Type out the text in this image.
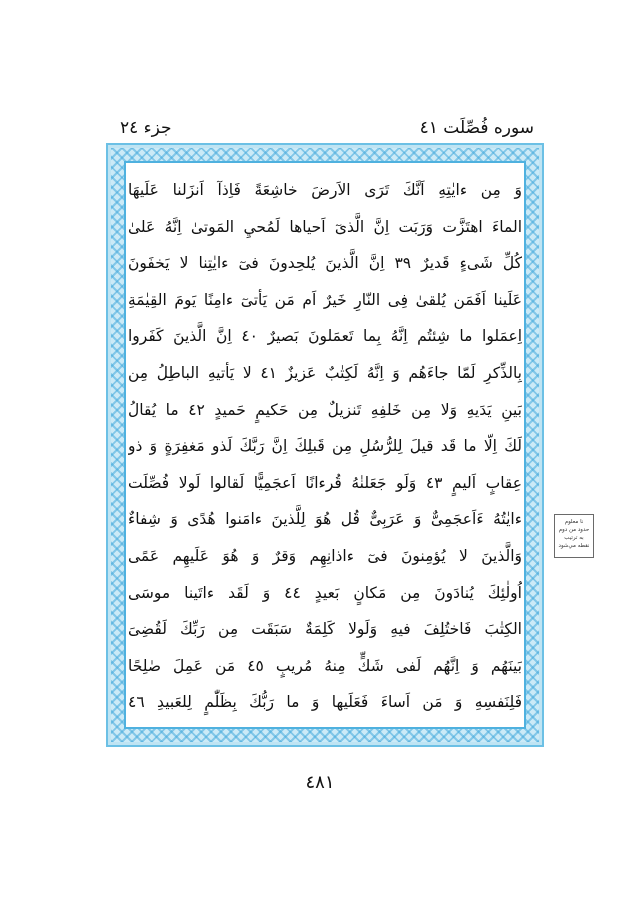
سوره فُصِّلَت ٤١
جزء ٢٤
وَ مِن ءايٰتِهِ اَنَّكَ تَرَى الاَرضَ خاشِعَةً فَاِذآ اَنزَلنا عَلَيهَا
الماءَ اهتَزَّت وَرَبَت اِنَّ الَّذىٓ اَحياها لَمُحيِ المَوتىٰ اِنَّهُ عَلىٰ
كُلِّ شَىءٍ قَديرٌ ٣٩ اِنَّ الَّذينَ يُلحِدونَ فىٓ ءايٰتِنا لا يَخفَونَ
عَلَينا اَفَمَن يُلقىٰ فِى النّارِ خَيرٌ اَم مَن يَأتىٓ ءامِنًا يَومَ القِيٰمَةِ
اِعمَلوا ما شِئتُم اِنَّهُ بِما تَعمَلونَ بَصيرٌ ٤٠ اِنَّ الَّذينَ كَفَروا
بِالذِّكرِ لَمّا جاءَهُم وَ اِنَّهُ لَكِتٰبٌ عَزيزٌ ٤١ لا يَأتيهِ الباطِلُ مِن
بَينِ يَدَيهِ وَلا مِن خَلفِهِ تَنزيلٌ مِن حَكيمٍ حَميدٍ ٤٢ ما يُقالُ
لَكَ اِلّا ما قَد قيلَ لِلرُّسُلِ مِن قَبلِكَ اِنَّ رَبَّكَ لَذو مَغفِرَةٍ وَ ذو
عِقابٍ اَليمٍ ٤٣ وَلَو جَعَلنٰهُ قُرءانًا اَعجَمِيًّا لَقالوا لَولا فُصِّلَت
ءايٰتُهُ ءَاَعجَمِىٌّ وَ عَرَبِىٌّ قُل هُوَ لِلَّذينَ ءامَنوا هُدًى وَ شِفاءٌ
وَالَّذينَ لا يُؤمِنونَ فىٓ ءاذانِهِم وَقرٌ وَ هُوَ عَلَيهِم عَمًى
اُولٰئِكَ يُنادَونَ مِن مَكانٍ بَعيدٍ ٤٤ وَ لَقَد ءاتَينا موسَى
الكِتٰبَ فَاختُلِفَ فيهِ وَلَولا كَلِمَةٌ سَبَقَت مِن رَبِّكَ لَقُضِىَ
بَينَهُم وَ اِنَّهُم لَفى شَكٍّ مِنهُ مُريبٍ ٤٥ مَن عَمِلَ صٰلِحًا
فَلِنَفسِهِ وَ مَن اَساءَ فَعَلَيها وَ ما رَبُّكَ بِظَلّٰمٍ لِلعَبيدِ ٤٦
نا معلوم
حدود من دوم
به ترتیب
نقطه مي‌شود
٤٨١
